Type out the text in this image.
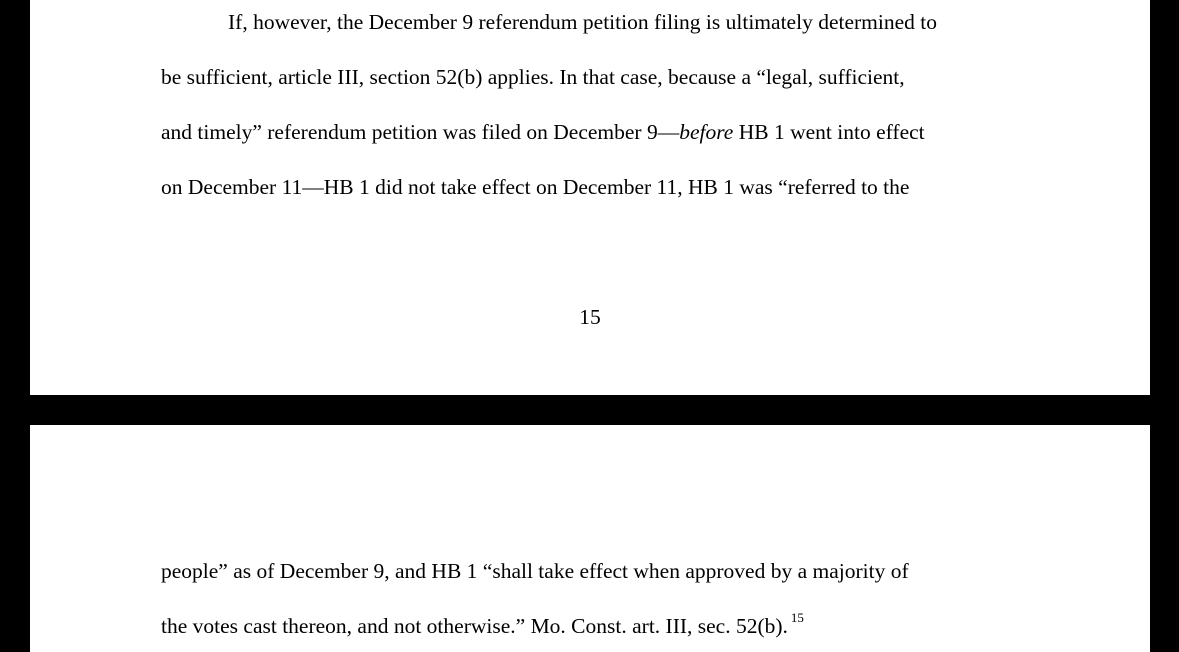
If, however, the December 9 referendum petition filing is ultimately determined to
be sufficient, article III, section 52(b) applies. In that case, because a “legal, sufficient,
and timely” referendum petition was filed on December 9—before HB 1 went into effect
on December 11—HB 1 did not take effect on December 11, HB 1 was “referred to the
15
people” as of December 9, and HB 1 “shall take effect when approved by a majority of
the votes cast thereon, and not otherwise.” Mo. Const. art. III, sec. 52(b). $^{15}$
